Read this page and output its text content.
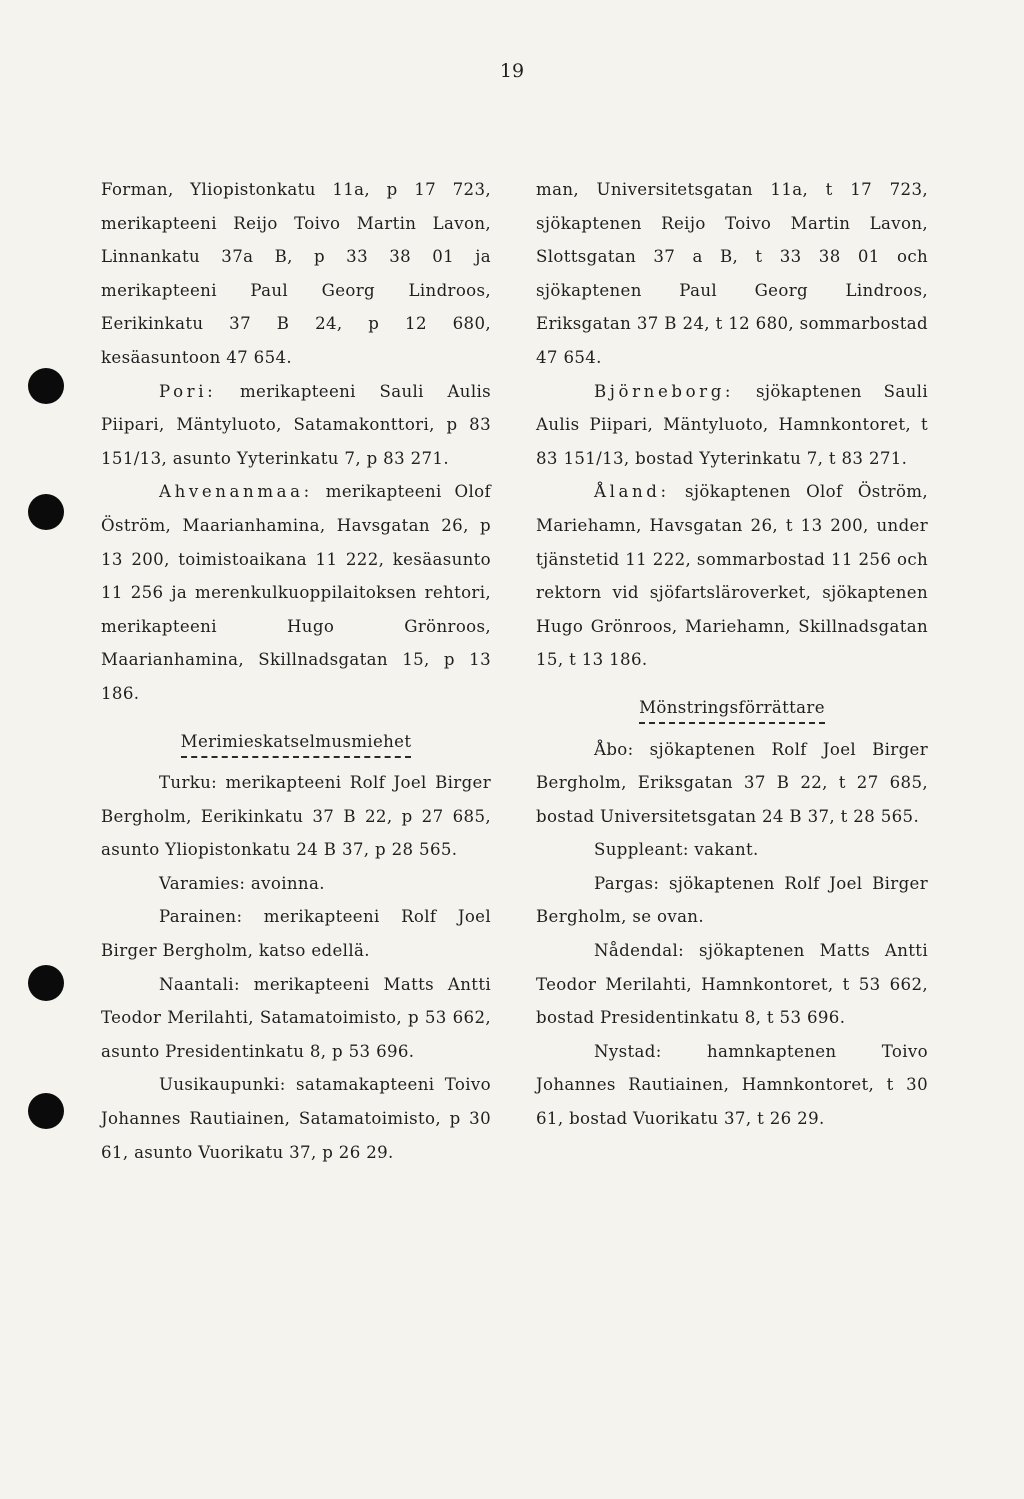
19

Forman, Yliopistonkatu 11a, p 17 723, merikapteeni Reijo Toivo Martin Lavon, Linnankatu 37a B, p 33 38 01 ja merikapteeni Paul Georg Lindroos, Eerikinkatu 37 B 24, p 12 680, kesäasuntoon 47 654.

Pori: merikapteeni Sauli Aulis Piipari, Mäntyluoto, Satamakonttori, p 83 151/13, asunto Yyterinkatu 7, p 83 271.

Ahvenanmaa: merikapteeni Olof Öström, Maarianhamina, Havsgatan 26, p 13 200, toimistoaikana 11 222, kesäasunto 11 256 ja merenkulkuoppilaitoksen rehtori, merikapteeni Hugo Grönroos, Maarianhamina, Skillnadsgatan 15, p 13 186.

Merimieskatselmusmiehet

Turku: merikapteeni Rolf Joel Birger Bergholm, Eerikinkatu 37 B 22, p 27 685, asunto Yliopistonkatu 24 B 37, p 28 565.

Varamies: avoinna.

Parainen: merikapteeni Rolf Joel Birger Bergholm, katso edellä.

Naantali: merikapteeni Matts Antti Teodor Merilahti, Satamatoimisto, p 53 662, asunto Presidentinkatu 8, p 53 696.

Uusikaupunki: satamakapteeni Toivo Johannes Rautiainen, Satamatoimisto, p 30 61, asunto Vuorikatu 37, p 26 29.

man, Universitetsgatan 11a, t 17 723, sjökaptenen Reijo Toivo Martin Lavon, Slottsgatan 37 a B, t 33 38 01 och sjökaptenen Paul Georg Lindroos, Eriksgatan 37 B 24, t 12 680, sommarbostad 47 654.

Björneborg: sjökaptenen Sauli Aulis Piipari, Mäntyluoto, Hamnkontoret, t 83 151/13, bostad Yyterinkatu 7, t 83 271.

Åland: sjökaptenen Olof Öström, Mariehamn, Havsgatan 26, t 13 200, under tjänstetid 11 222, sommarbostad 11 256 och rektorn vid sjöfartsläroverket, sjökaptenen Hugo Grönroos, Mariehamn, Skillnadsgatan 15, t 13 186.

Mönstringsförrättare

Åbo: sjökaptenen Rolf Joel Birger Bergholm, Eriksgatan 37 B 22, t 27 685, bostad Universitetsgatan 24 B 37, t 28 565.

Suppleant: vakant.

Pargas: sjökaptenen Rolf Joel Birger Bergholm, se ovan.

Nådendal: sjökaptenen Matts Antti Teodor Merilahti, Hamnkontoret, t 53 662, bostad Presidentinkatu 8, t 53 696.

Nystad: hamnkaptenen Toivo Johannes Rautiainen, Hamnkontoret, t 30 61, bostad Vuorikatu 37, t 26 29.
